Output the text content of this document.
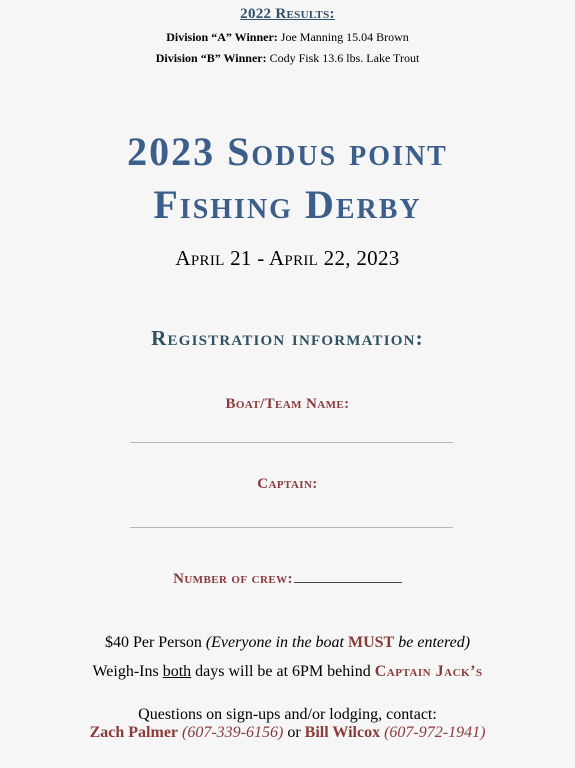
2022 Results:
Division “A” Winner: Joe Manning 15.04 Brown
Division “B” Winner: Cody Fisk 13.6 lbs. Lake Trout
2023 Sodus point
Fishing Derby
April 21 - April 22, 2023
Registration information:
Boat/Team Name:
Captain:
Number of crew:
$40 Per Person (Everyone in the boat MUST be entered)
Weigh-Ins both days will be at 6PM behind Captain Jack’s
Questions on sign-ups and/or lodging, contact:
Zach Palmer (607-339-6156) or Bill Wilcox (607-972-1941)
